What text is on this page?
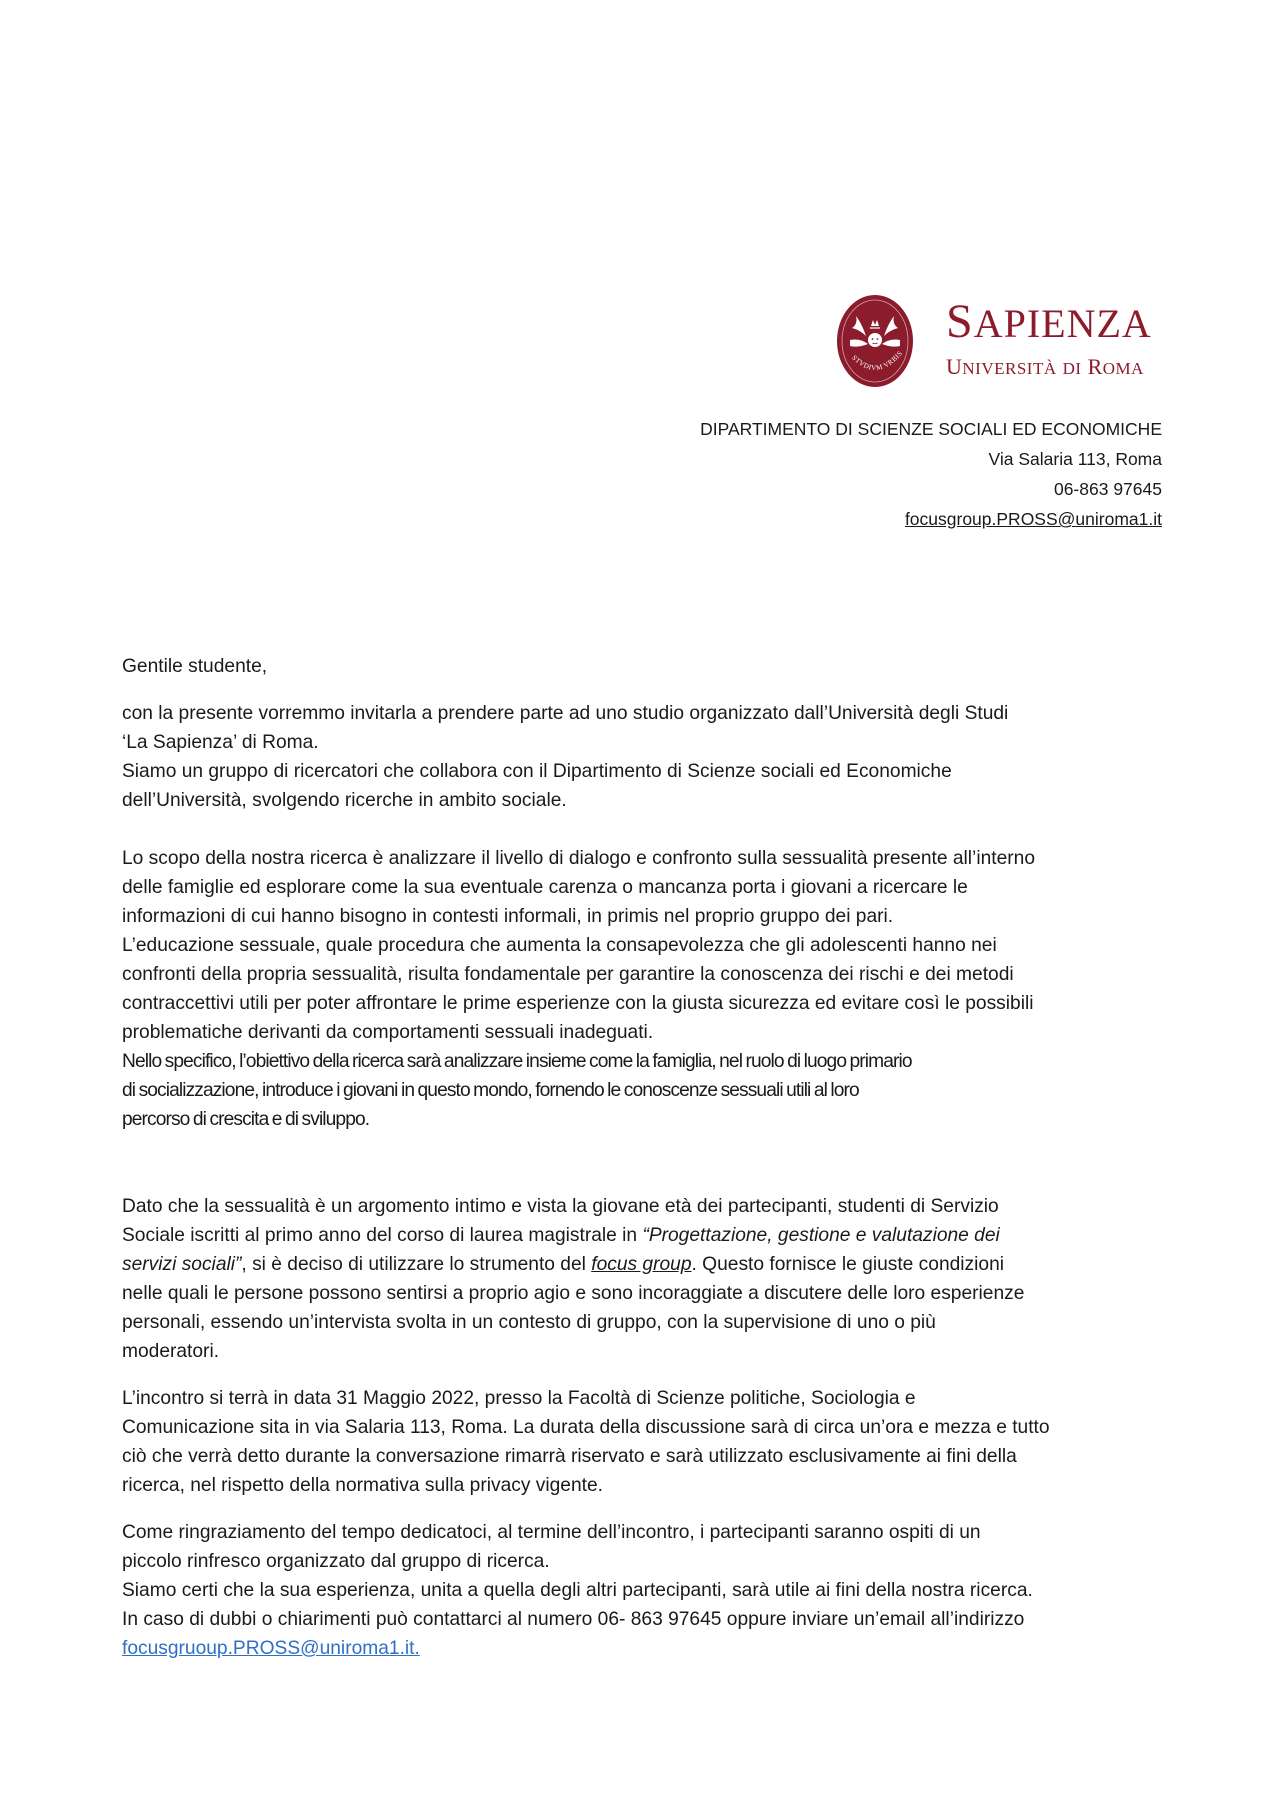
STVDIVM VRBIS
SAPIENZA
UNIVERSITÀ DI ROMA
DIPARTIMENTO DI SCIENZE SOCIALI ED ECONOMICHE
Via Salaria 113, Roma
06-863 97645
focusgroup.PROSS@uniroma1.it

Gentile studente,

con la presente vorremmo invitarla a prendere parte ad uno studio organizzato dall’Università degli Studi
‘La Sapienza’ di Roma.
Siamo un gruppo di ricercatori che collabora con il Dipartimento di Scienze sociali ed Economiche
dell’Università, svolgendo ricerche in ambito sociale.

Lo scopo della nostra ricerca è analizzare il livello di dialogo e confronto sulla sessualità presente all’interno
delle famiglie ed esplorare come la sua eventuale carenza o mancanza porta i giovani a ricercare le
informazioni di cui hanno bisogno in contesti informali, in primis nel proprio gruppo dei pari.
L’educazione sessuale, quale procedura che aumenta la consapevolezza che gli adolescenti hanno nei
confronti della propria sessualità, risulta fondamentale per garantire la conoscenza dei rischi e dei metodi
contraccettivi utili per poter affrontare le prime esperienze con la giusta sicurezza ed evitare così le possibili
problematiche derivanti da comportamenti sessuali inadeguati.
Nello specifico, l’obiettivo della ricerca sarà analizzare insieme come la famiglia, nel ruolo di luogo primario
di socializzazione, introduce i giovani in questo mondo, fornendo le conoscenze sessuali utili al loro
percorso di crescita e di sviluppo.

Dato che la sessualità è un argomento intimo e vista la giovane età dei partecipanti, studenti di Servizio
Sociale iscritti al primo anno del corso di laurea magistrale in “Progettazione, gestione e valutazione dei
servizi sociali”, si è deciso di utilizzare lo strumento del focus group. Questo fornisce le giuste condizioni
nelle quali le persone possono sentirsi a proprio agio e sono incoraggiate a discutere delle loro esperienze
personali, essendo un’intervista svolta in un contesto di gruppo, con la supervisione di uno o più
moderatori.

L’incontro si terrà in data 31 Maggio 2022, presso la Facoltà di Scienze politiche, Sociologia e
Comunicazione sita in via Salaria 113, Roma. La durata della discussione sarà di circa un’ora e mezza e tutto
ciò che verrà detto durante la conversazione rimarrà riservato e sarà utilizzato esclusivamente ai fini della
ricerca, nel rispetto della normativa sulla privacy vigente.

Come ringraziamento del tempo dedicatoci, al termine dell’incontro, i partecipanti saranno ospiti di un
piccolo rinfresco organizzato dal gruppo di ricerca.
Siamo certi che la sua esperienza, unita a quella degli altri partecipanti, sarà utile ai fini della nostra ricerca.
In caso di dubbi o chiarimenti può contattarci al numero 06- 863 97645 oppure inviare un’email all’indirizzo
focusgruoup.PROSS@uniroma1.it.
